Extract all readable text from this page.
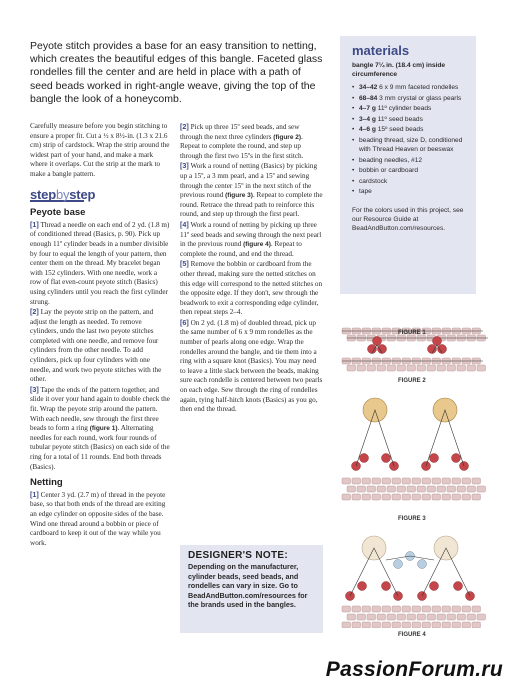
Peyote stitch provides a base for an easy transition to netting, which creates the beautiful edges of this bangle. Faceted glass rondelles fill the center and are held in place with a path of seed beads worked in right-angle weave, giving the top of the bangle the look of a honeycomb.

Carefully measure before you begin stitching to ensure a proper fit. Cut a ½ x 8½-in. (1.3 x 21.6 cm) strip of cardstock. Wrap the strip around the widest part of your hand, and make a mark where it overlaps. Cut the strip at the mark to make a bangle pattern.

stepbystep
Peyote base

[1] Thread a needle on each end of 2 yd. (1.8 m) of conditioned thread (Basics, p. 90). Pick up enough 11º cylinder beads in a number divisible by four to equal the length of your pattern, then center them on the thread. My bracelet began with 152 cylinders. With one needle, work a row of flat even-count peyote stitch (Basics) using cylinders until you reach the first cylinder strung.

[2] Lay the peyote strip on the pattern, and adjust the length as needed. To remove cylinders, undo the last two peyote stitches completed with one needle, and remove four cylinders from the other needle. To add cylinders, pick up four cylinders with one needle, and work two peyote stitches with the other.

[3] Tape the ends of the pattern together, and slide it over your hand again to double check the fit. Wrap the peyote strip around the pattern. With each needle, sew through the first three beads to form a ring (figure 1). Alternating needles for each round, work four rounds of tubular peyote stitch (Basics) on each side of the ring for a total of 11 rounds. End both threads (Basics).

Netting

[1] Center 3 yd. (2.7 m) of thread in the peyote base, so that both ends of the thread are exiting an edge cylinder on opposite sides of the base. Wind one thread around a bobbin or piece of cardboard to keep it out of the way while you work.

[2] Pick up three 15º seed beads, and sew through the next three cylinders (figure 2). Repeat to complete the round, and step up through the first two 15ºs in the first stitch.

[3] Work a round of netting (Basics) by picking up a 15º, a 3 mm pearl, and a 15º and sewing through the center 15º in the next stitch of the previous round (figure 3). Repeat to complete the round. Retrace the thread path to reinforce this round, and step up through the first pearl.

[4] Work a round of netting by picking up three 11º seed beads and sewing through the next pearl in the previous round (figure 4). Repeat to complete the round, and end the thread.

[5] Remove the bobbin or cardboard from the other thread, making sure the netted stitches on this edge will correspond to the netted stitches on the opposite edge. If they don't, sew through the beadwork to exit a corresponding edge cylinder, then repeat steps 2–4.

[6] On 2 yd. (1.8 m) of doubled thread, pick up the same number of 6 x 9 mm rondelles as the number of pearls along one edge. Wrap the rondelles around the bangle, and tie them into a ring with a square knot (Basics). You may need to leave a little slack between the beads, making sure each rondelle is centered between two pearls on each edge. Sew through the ring of rondelles again, tying half-hitch knots (Basics) as you go, then end the thread.

DESIGNER'S NOTE:
Depending on the manufacturer, cylinder beads, seed beads, and rondelles can vary in size. Go to BeadAndButton.com/resources for the brands used in the bangles.
materials
bangle 7¼ in. (18.4 cm) inside circumference
• 34–42 6 x 9 mm faceted rondelles
• 68–84 3 mm crystal or glass pearls
• 4–7 g 11º cylinder beads
• 3–4 g 11º seed beads
• 4–6 g 15º seed beads
• beading thread, size D, conditioned with Thread Heaven or beeswax
• beading needles, #12
• bobbin or cardboard
• cardstock
• tape
For the colors used in this project, see our Resource Guide at BeadAndButton.com/resources.
FIGURE 1
FIGURE 2
FIGURE 3
FIGURE 4
PassionForum.ru
